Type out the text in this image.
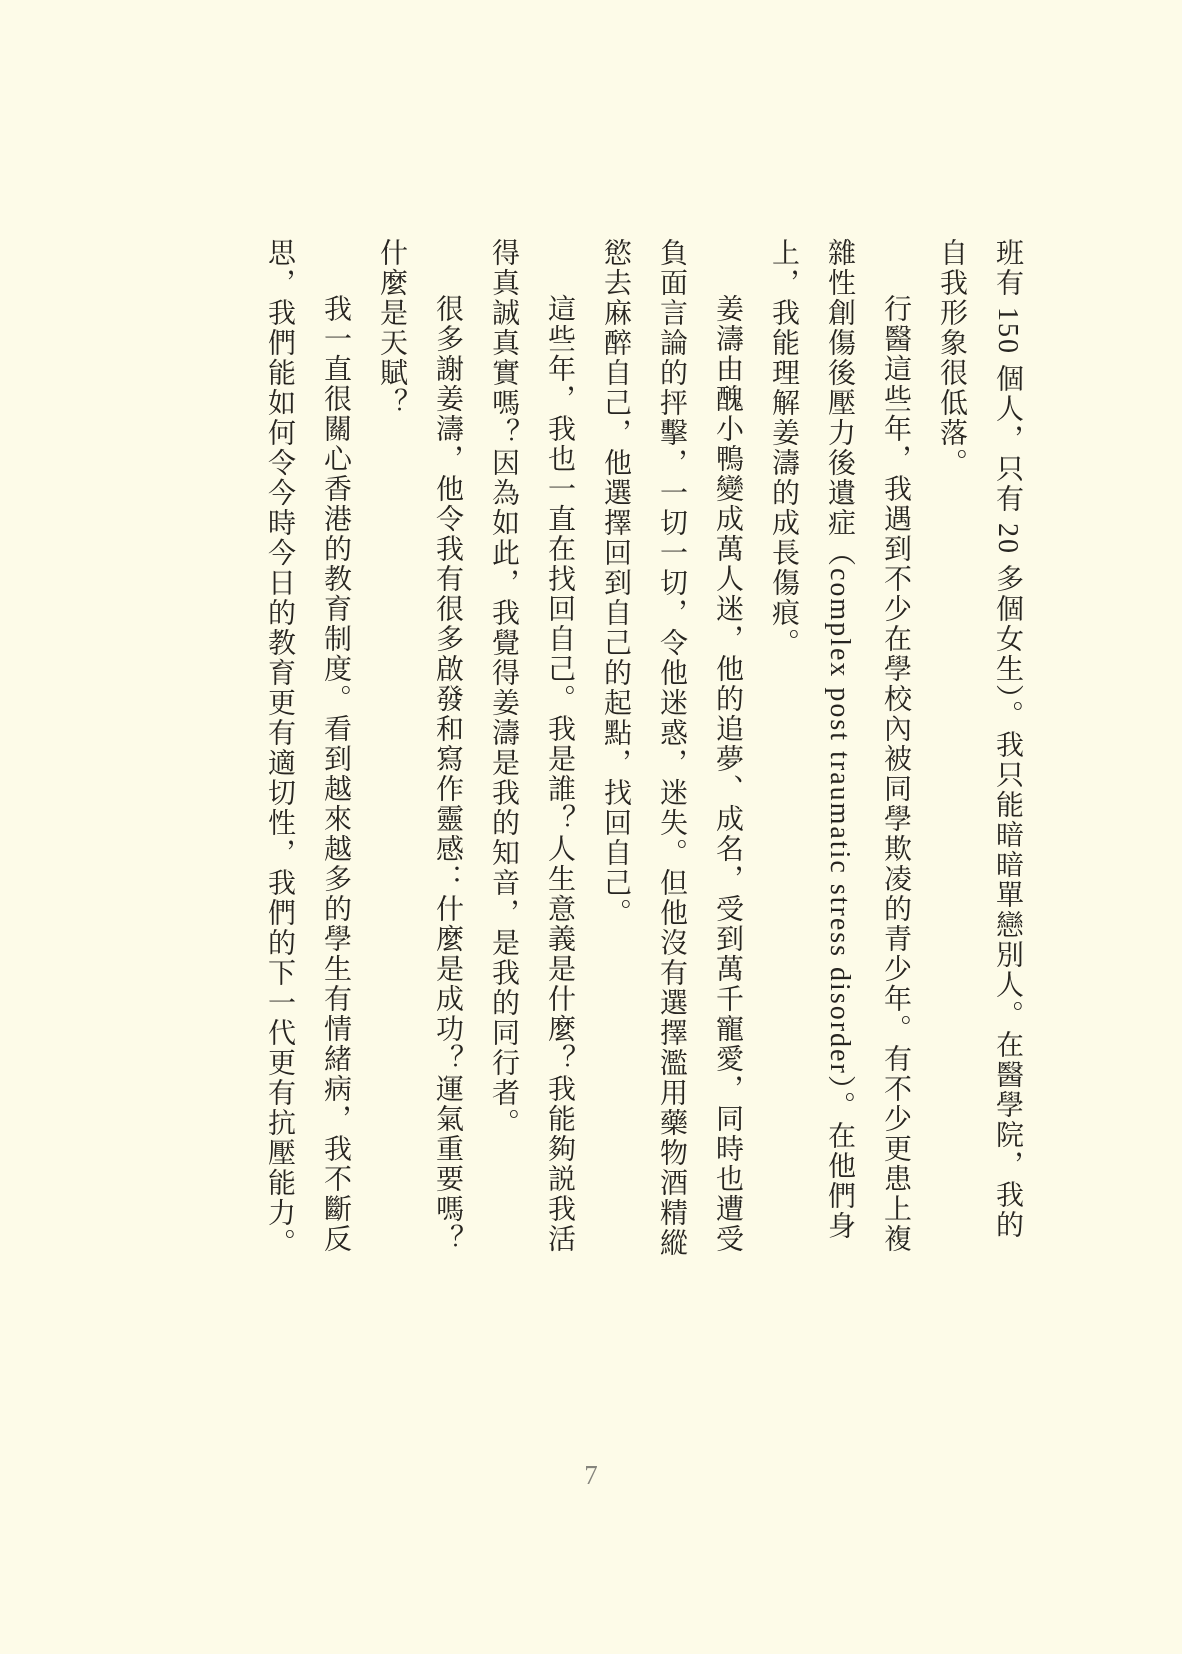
班有 150 個人，只有 20 多個女生）。我只能暗暗單戀別人。在醫學院，我的自我形象很低落。

行醫這些年，我遇到不少在學校內被同學欺凌的青少年。有不少更患上複雜性創傷後壓力後遺症（complex post traumatic stress disorder）。在他們身上，我能理解姜濤的成長傷痕。

姜濤由醜小鴨變成萬人迷，他的追夢、成名，受到萬千寵愛，同時也遭受負面言論的抨擊，一切一切，令他迷惑，迷失。但他沒有選擇濫用藥物酒精縱慾去麻醉自己，他選擇回到自己的起點，找回自己。

這些年，我也一直在找回自己。我是誰？人生意義是什麼？我能夠説我活得真誠真實嗎？因為如此，我覺得姜濤是我的知音，是我的同行者。

很多謝姜濤，他令我有很多啟發和寫作靈感：什麼是成功？運氣重要嗎？什麼是天賦？

我一直很關心香港的教育制度。看到越來越多的學生有情緒病，我不斷反思，我們能如何令今時今日的教育更有適切性，我們的下一代更有抗壓能力。

7
